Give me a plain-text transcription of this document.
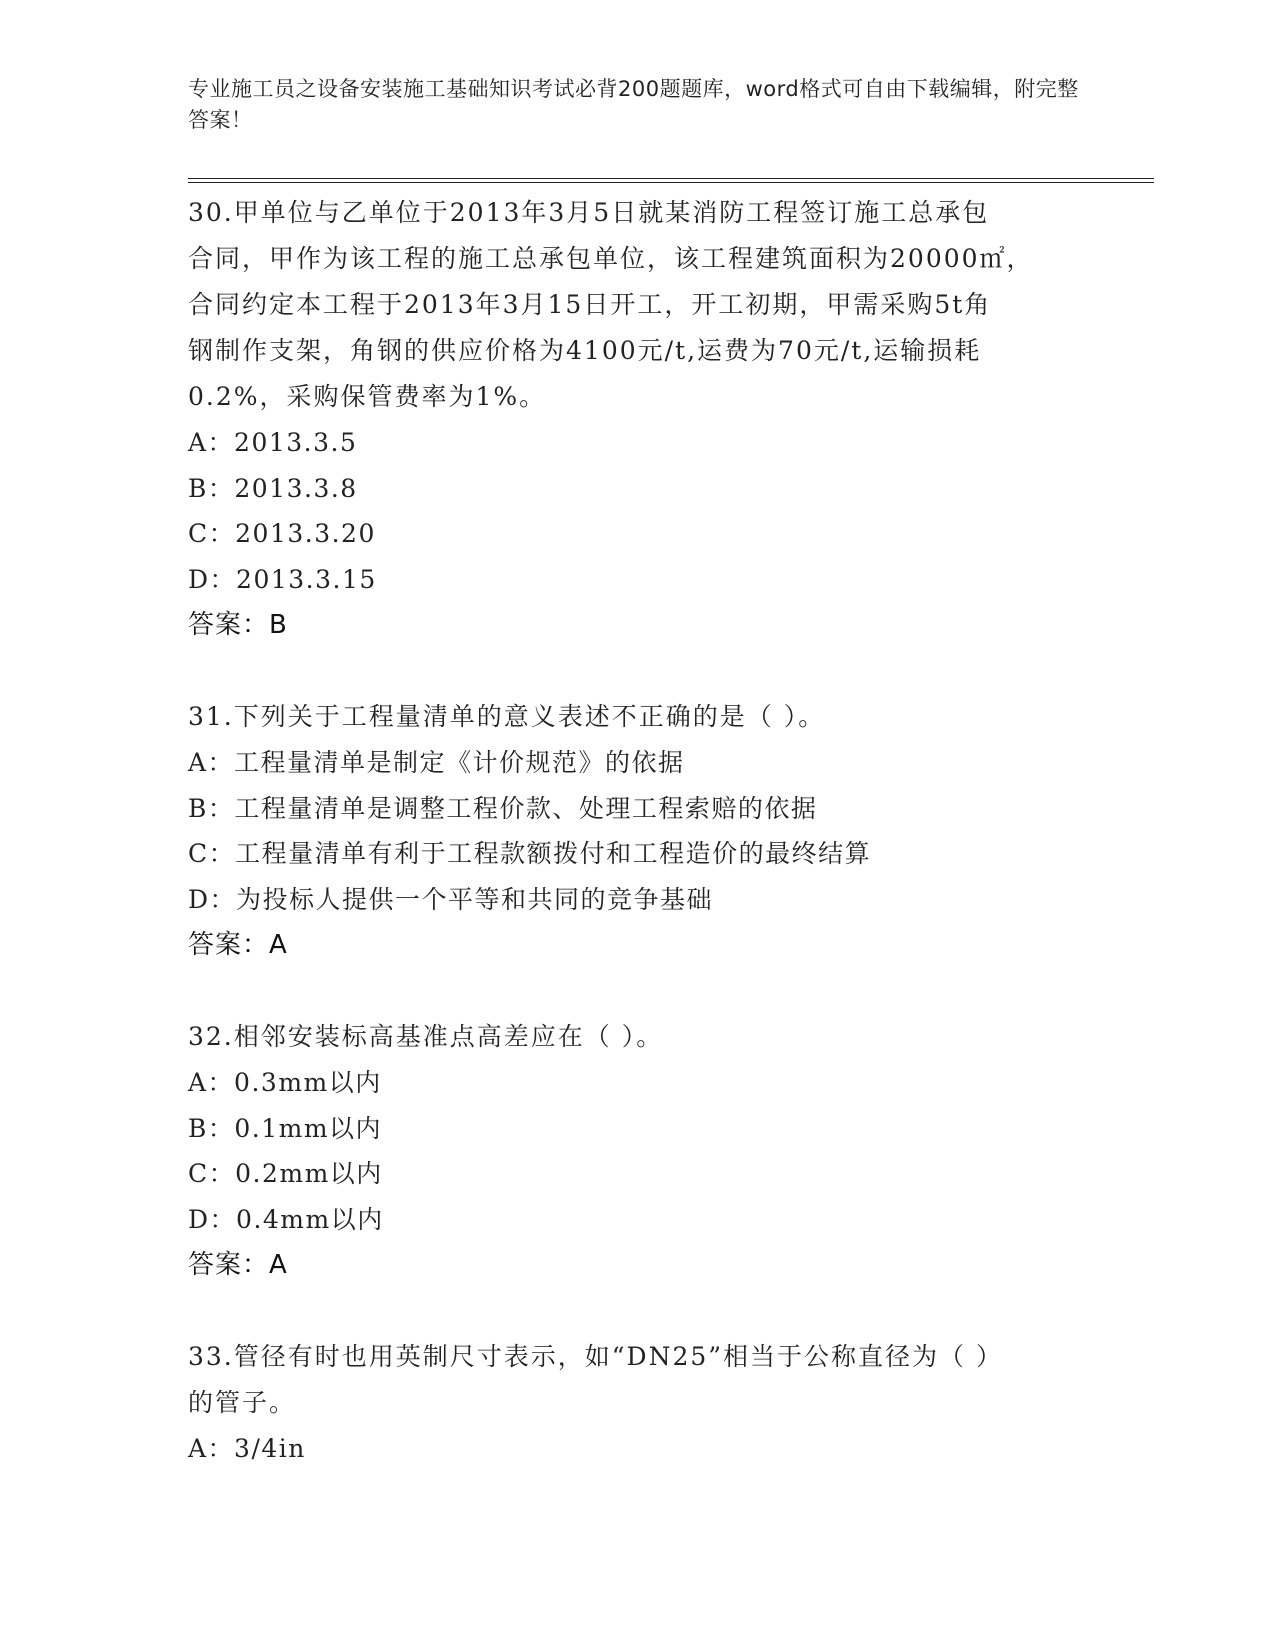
专业施工员之设备安装施工基础知识考试必背200题题库，word格式可自由下载编辑，附完整答案！

30.甲单位与乙单位于2013年3月5日就某消防工程签订施工总承包
合同，甲作为该工程的施工总承包单位，该工程建筑面积为20000㎡，
合同约定本工程于2013年3月15日开工，开工初期，甲需采购5t角
钢制作支架，角钢的供应价格为4100元/t,运费为70元/t,运输损耗
0.2%，采购保管费率为1%。

A：2013.3.5

B：2013.3.8

C：2013.3.20

D：2013.3.15

答案：B

31.下列关于工程量清单的意义表述不正确的是（ ）。

A：工程量清单是制定《计价规范》的依据

B：工程量清单是调整工程价款、处理工程索赔的依据

C：工程量清单有利于工程款额拨付和工程造价的最终结算

D：为投标人提供一个平等和共同的竞争基础

答案：A

32.相邻安装标高基准点高差应在（ ）。

A：0.3mm以内

B：0.1mm以内

C：0.2mm以内

D：0.4mm以内

答案：A

33.管径有时也用英制尺寸表示，如“DN25”相当于公称直径为（ ）
的管子。

A：3/4in
